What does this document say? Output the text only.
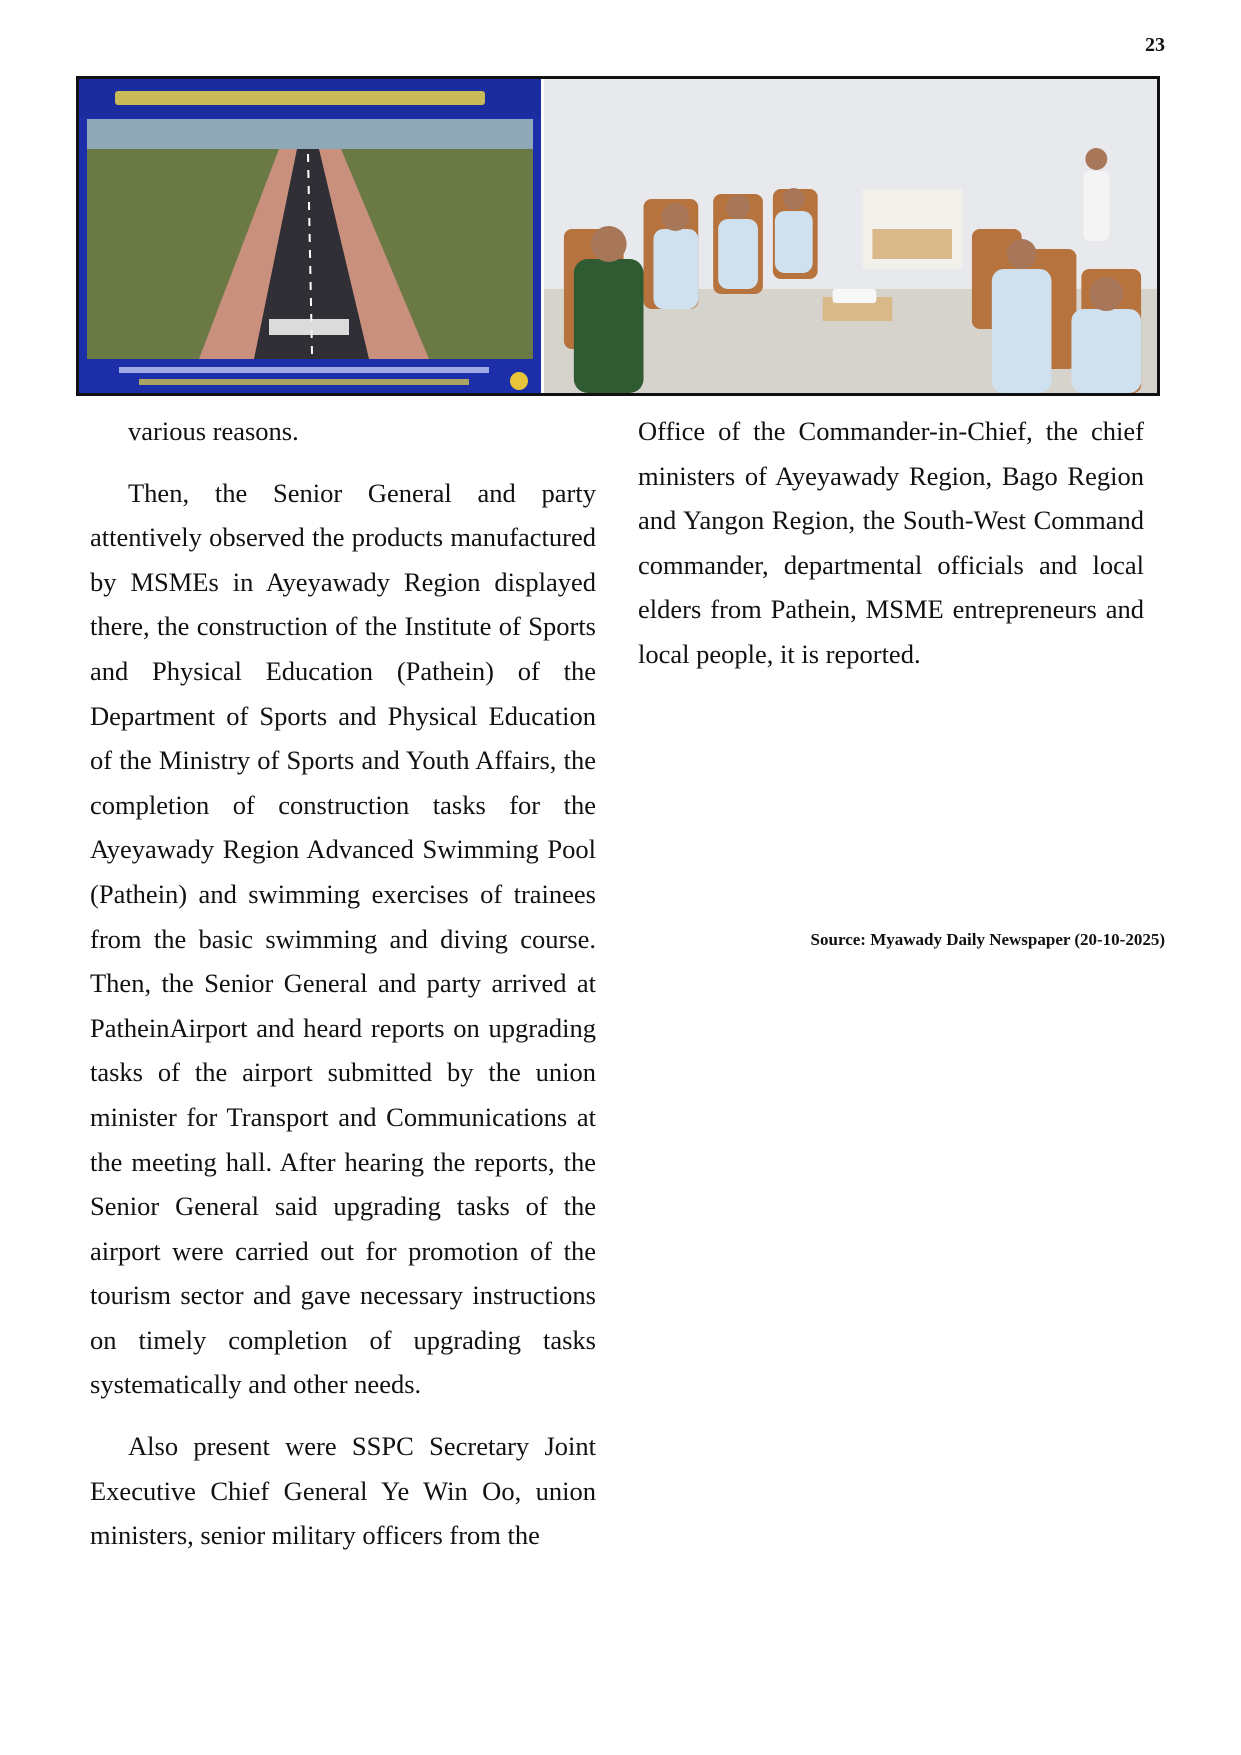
23

various reasons.

Then, the Senior General and party attentively observed the products manufactured by MSMEs in Ayeyawady Region displayed there, the construction of the Institute of Sports and Physical Education (Pathein) of the Department of Sports and Physical Education of the Ministry of Sports and Youth Affairs, the completion of construction tasks for the Ayeyawady Region Advanced Swimming Pool (Pathein) and swimming exercises of trainees from the basic swimming and diving course. Then, the Senior General and party arrived at PatheinAirport and heard reports on upgrading tasks of the airport submitted by the union minister for Transport and Communications at the meeting hall. After hearing the reports, the Senior General said upgrading tasks of the airport were carried out for promotion of the tourism sector and gave necessary instructions on timely completion of upgrading tasks systematically and other needs.

Also present were SSPC Secretary Joint Executive Chief General Ye Win Oo, union ministers, senior military officers from the

Office of the Commander-in-Chief, the chief ministers of Ayeyawady Region, Bago Region and Yangon Region, the South-West Command commander, departmental officials and local elders from Pathein, MSME entrepreneurs and local people, it is reported.

Source: Myawady Daily Newspaper (20-10-2025)
